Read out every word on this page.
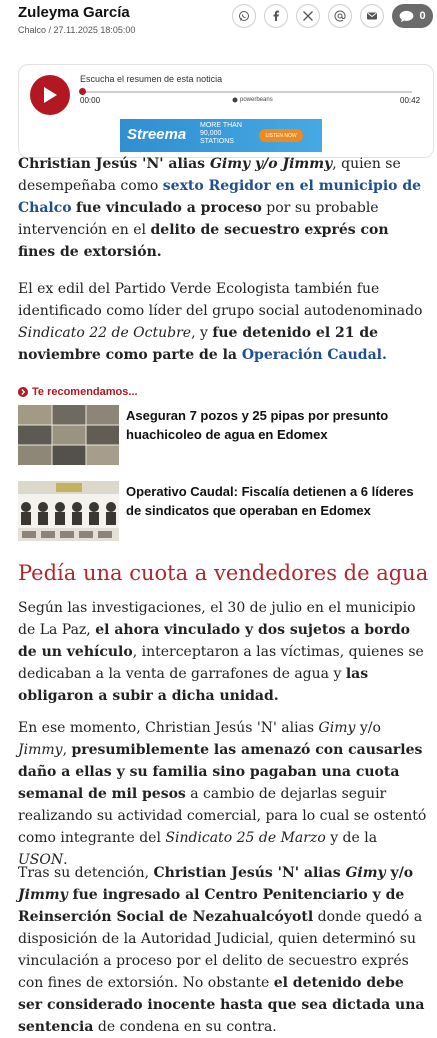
Zuleyma García
Chalco / 27.11.2025 18:05:00
0
Escucha el resumen de esta noticia
00:00	powerbeans	00:42
Streema
MORE THAN
90,000
STATIONS
LISTEN NOW
Christian Jesús 'N' alias Gimy y/o Jimmy, quien se desempeñaba como sexto Regidor en el municipio de Chalco fue vinculado a proceso por su probable intervención en el delito de secuestro exprés con fines de extorsión.
El ex edil del Partido Verde Ecologista también fue identificado como líder del grupo social autodenominado Sindicato 22 de Octubre, y fue detenido el 21 de noviembre como parte de la Operación Caudal.
Te recomendamos...
Aseguran 7 pozos y 25 pipas por presunto huachicoleo de agua en Edomex
Operativo Caudal: Fiscalía detienen a 6 líderes de sindicatos que operaban en Edomex
Pedía una cuota a vendedores de agua
Según las investigaciones, el 30 de julio en el municipio de La Paz, el ahora vinculado y dos sujetos a bordo de un vehículo, interceptaron a las víctimas, quienes se dedicaban a la venta de garrafones de agua y las obligaron a subir a dicha unidad.
En ese momento, Christian Jesús 'N' alias Gimy y/o Jimmy, presumiblemente las amenazó con causarles daño a ellas y su familia sino pagaban una cuota semanal de mil pesos a cambio de dejarlas seguir realizando su actividad comercial, para lo cual se ostentó como integrante del Sindicato 25 de Marzo y de la USON.
Tras su detención, Christian Jesús 'N' alias Gimy y/o Jimmy fue ingresado al Centro Penitenciario y de Reinserción Social de Nezahualcóyotl donde quedó a disposición de la Autoridad Judicial, quien determinó su vinculación a proceso por el delito de secuestro exprés con fines de extorsión. No obstante el detenido debe ser considerado inocente hasta que sea dictada una sentencia de condena en su contra.
